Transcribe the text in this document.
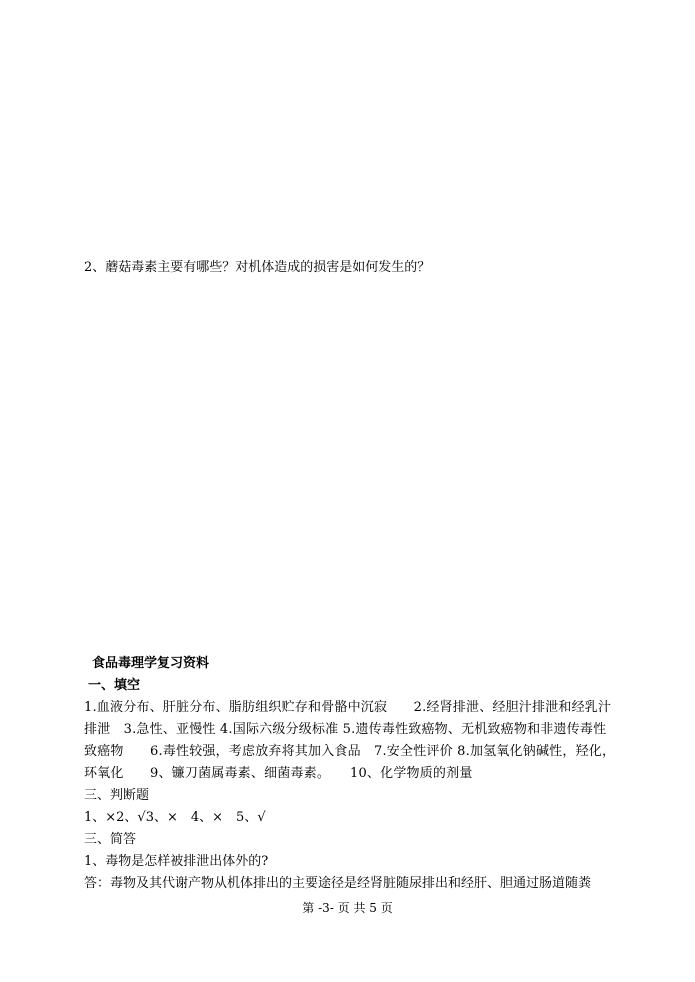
2、蘑菇毒素主要有哪些？对机体造成的损害是如何发生的？
食品毒理学复习资料
一、填空
1.血液分布、肝脏分布、脂肪组织贮存和骨骼中沉寂　　2.经肾排泄、经胆汁排泄和经乳汁
排泄　3.急性、亚慢性 4.国际六级分级标准 5.遗传毒性致癌物、无机致癌物和非遗传毒性
致癌物　　6.毒性较强，考虑放弃将其加入食品　7.安全性评价 8.加氢氧化钠碱性，羟化，
环氧化　　9、镰刀菌属毒素、细菌毒素。　　10、化学物质的剂量
三、判断题
1、×2、√3、×　4、×　5、√
三、简答
1、毒物是怎样被排泄出体外的?
答：毒物及其代谢产物从机体排出的主要途径是经肾脏随尿排出和经肝、胆通过肠道随粪
第 -3- 页 共 5 页
